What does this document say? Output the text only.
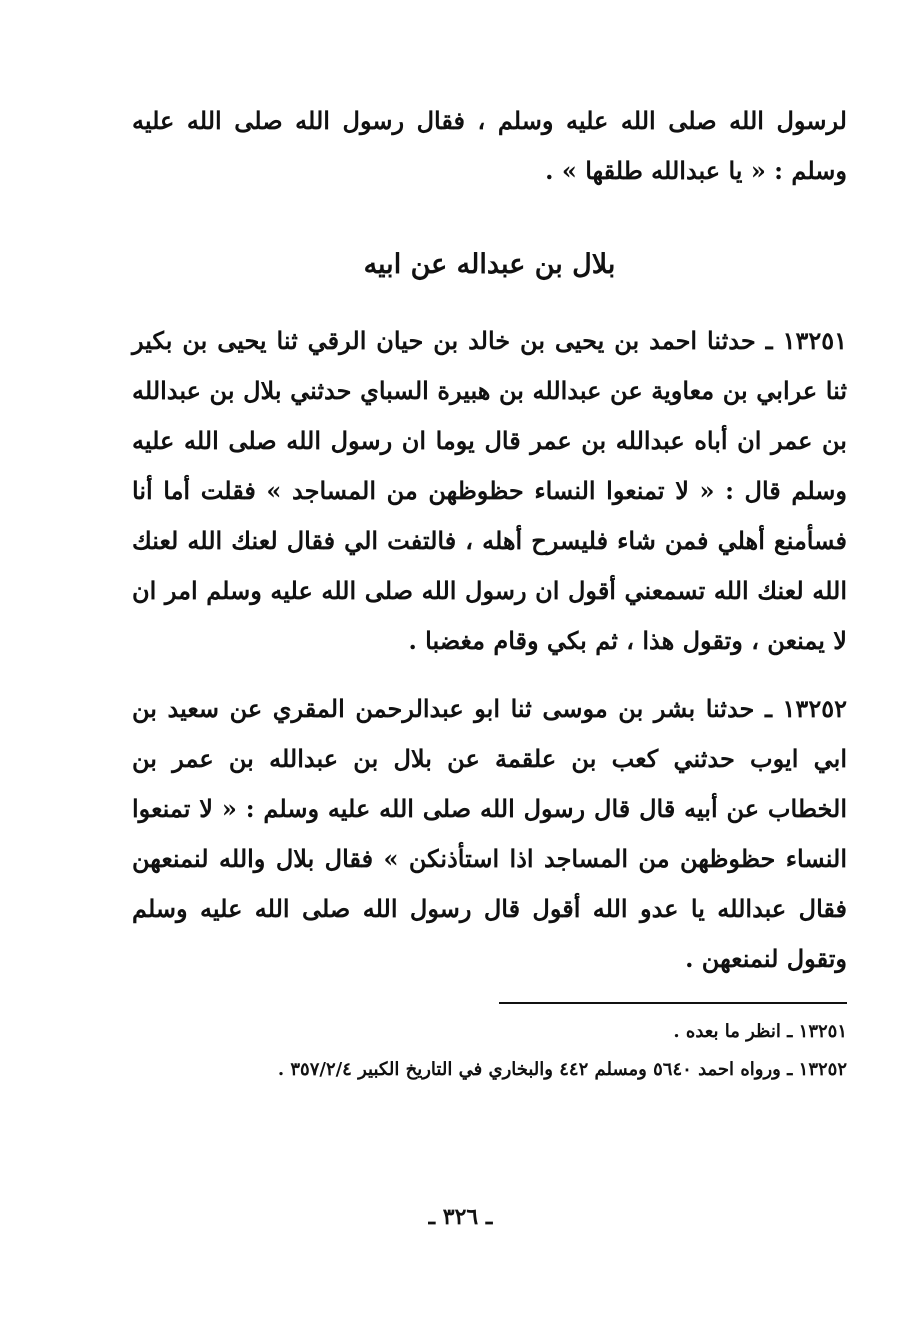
لرسول الله صلى الله عليه وسلم ، فقال رسول الله صلى الله عليه وسلم : « يا عبدالله طلقها » .

بلال بن عبداله عن ابيه

١٣٢٥١ ـ حدثنا احمد بن يحيى بن خالد بن حيان الرقي ثنا يحيى بن بكير ثنا عرابي بن معاوية عن عبدالله بن هبيرة السباي حدثني بلال بن عبدالله بن عمر ان أباه عبدالله بن عمر قال يوما ان رسول الله صلى الله عليه وسلم قال : « لا تمنعوا النساء حظوظهن من المساجد » فقلت أما أنا فسأمنع أهلي فمن شاء فليسرح أهله ، فالتفت الي فقال لعنك الله لعنك الله لعنك الله تسمعني أقول ان رسول الله صلى الله عليه وسلم امر ان لا يمنعن ، وتقول هذا ، ثم بكي وقام مغضبا .

١٣٢٥٢ ـ حدثنا بشر بن موسى ثنا ابو عبدالرحمن المقري عن سعيد بن ابي ايوب حدثني كعب بن علقمة عن بلال بن عبدالله بن عمر بن الخطاب عن أبيه قال قال رسول الله صلى الله عليه وسلم : « لا تمنعوا النساء حظوظهن من المساجد اذا استأذنكن » فقال بلال والله لنمنعهن فقال عبدالله يا عدو الله أقول قال رسول الله صلى الله عليه وسلم وتقول لنمنعهن .

١٣٢٥١ ـ انظر ما بعده .

١٣٢٥٢ ـ ورواه احمد ٥٦٤٠ ومسلم ٤٤٢ والبخاري في التاريخ الكبير ٣٥٧/٢/٤ .

ـ ٣٢٦ ـ
